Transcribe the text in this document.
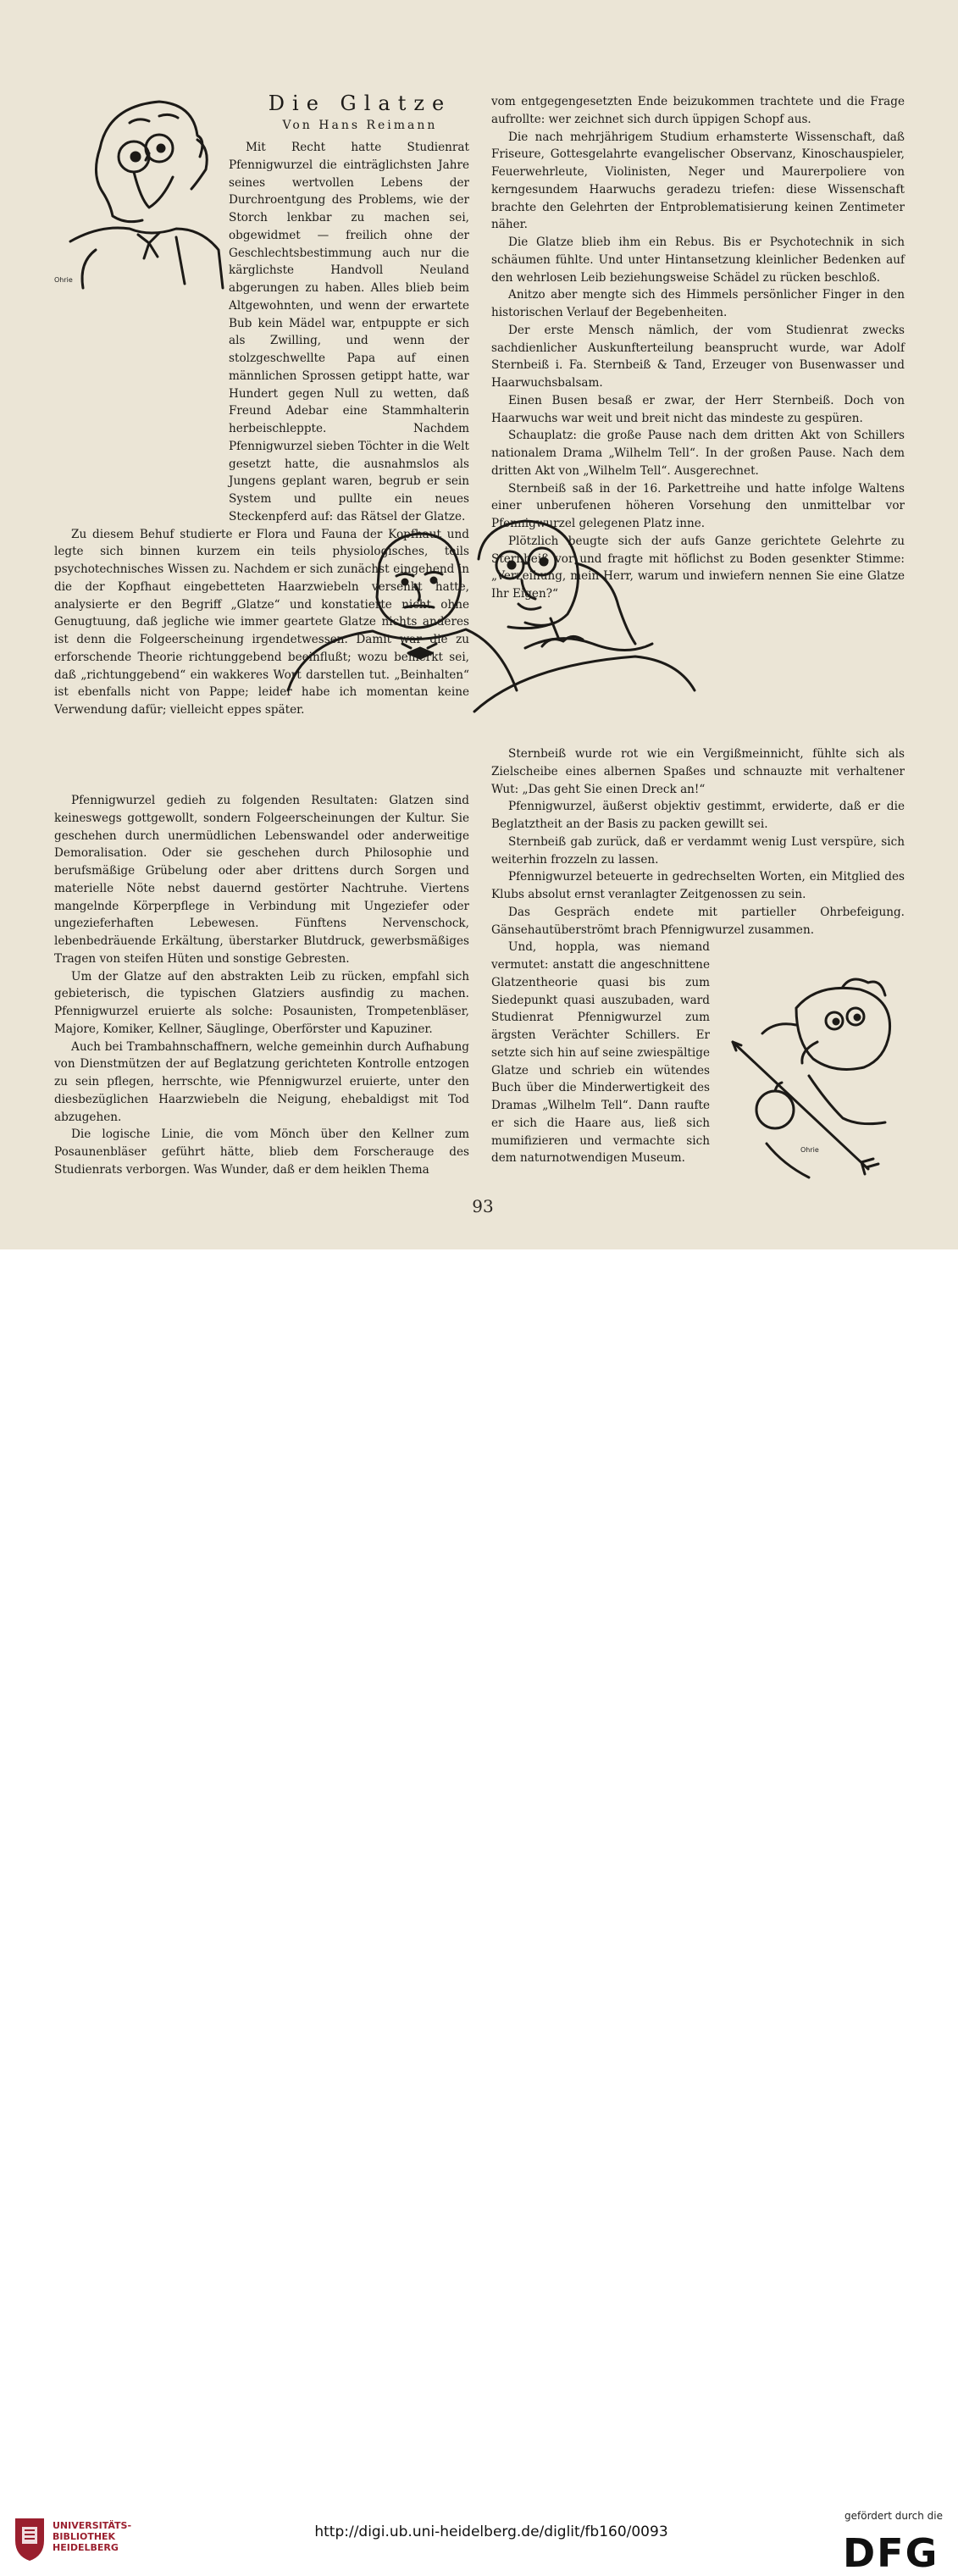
Die Glatze
Von Hans Reimann
Ohrie
Ohrie

Mit Recht hatte Studienrat Pfennigwurzel die einträglichsten Jahre seines wertvollen Lebens der Durchroentgung des Problems, wie der Storch lenkbar zu machen sei, obgewidmet — freilich ohne der Geschlechtsbestimmung auch nur die kärglichste Handvoll Neuland abgerungen zu haben. Alles blieb beim Altgewohnten, und wenn der erwartete Bub kein Mädel war, entpuppte er sich als Zwilling, und wenn der stolzgeschwellte Papa auf einen männlichen Sprossen getippt hatte, war Hundert gegen Null zu wetten, daß Freund Adebar eine Stammhalterin herbeischleppte. Nachdem Pfennigwurzel sieben Töchter in die Welt gesetzt hatte, die ausnahmslos als Jungens geplant waren, begrub er sein System und pullte ein neues Steckenpferd auf: das Rätsel der Glatze.

Zu diesem Behuf studierte er Flora und Fauna der Kopfhaut und legte sich binnen kurzem ein teils physiologisches, teils psychotechnisches Wissen zu. Nachdem er sich zunächst eingehend in die der Kopfhaut eingebetteten Haarzwiebeln versenkt hatte, analysierte er den Begriff „Glatze“ und konstatierte nicht ohne Genugtuung, daß jegliche wie immer geartete Glatze nichts anderes ist denn die Folgeerscheinung irgendetwessen. Damit war die zu erforschende Theorie richtunggebend beeinflußt; wozu bemerkt sei, daß „richtunggebend“ ein wakkeres Wort darstellen tut. „Beinhalten“ ist ebenfalls nicht von Pappe; leider habe ich momentan keine Verwendung dafür; vielleicht eppes später.

Pfennigwurzel gedieh zu folgenden Resultaten: Glatzen sind keineswegs gottgewollt, sondern Folgeerscheinungen der Kultur. Sie geschehen durch unermüdlichen Lebenswandel oder anderweitige Demoralisation. Oder sie geschehen durch Philosophie und berufsmäßige Grübelung oder aber drittens durch Sorgen und materielle Nöte nebst dauernd gestörter Nachtruhe. Viertens mangelnde Körperpflege in Verbindung mit Ungeziefer oder ungezieferhaften Lebewesen. Fünftens Nervenschock, lebenbedräuende Erkältung, überstarker Blutdruck, gewerbsmäßiges Tragen von steifen Hüten und sonstige Gebresten.

Um der Glatze auf den abstrakten Leib zu rücken, empfahl sich gebieterisch, die typischen Glatziers ausfindig zu machen. Pfennigwurzel eruierte als solche: Posaunisten, Trompetenbläser, Majore, Komiker, Kellner, Säuglinge, Oberförster und Kapuziner.

Auch bei Trambahnschaffnern, welche gemeinhin durch Aufhabung von Dienstmützen der auf Beglatzung gerichteten Kontrolle entzogen zu sein pflegen, herrschte, wie Pfennigwurzel eruierte, unter den diesbezüglichen Haarzwiebeln die Neigung, ehebaldigst mit Tod abzugehen.

Die logische Linie, die vom Mönch über den Kellner zum Posaunenbläser geführt hätte, blieb dem Forscherauge des Studienrats verborgen. Was Wunder, daß er dem heiklen Thema

vom entgegengesetzten Ende beizukommen trachtete und die Frage aufrollte: wer zeichnet sich durch üppigen Schopf aus.

Die nach mehrjährigem Studium erhamsterte Wissenschaft, daß Friseure, Gottesgelahrte evangelischer Observanz, Kinoschauspieler, Feuerwehrleute, Violinisten, Neger und Maurerpoliere von kerngesundem Haarwuchs geradezu triefen: diese Wissenschaft brachte den Gelehrten der Entproblematisierung keinen Zentimeter näher.

Die Glatze blieb ihm ein Rebus. Bis er Psychotechnik in sich schäumen fühlte. Und unter Hintansetzung kleinlicher Bedenken auf den wehrlosen Leib beziehungsweise Schädel zu rücken beschloß.

Anitzo aber mengte sich des Himmels persönlicher Finger in den historischen Verlauf der Begebenheiten.

Der erste Mensch nämlich, der vom Studienrat zwecks sachdienlicher Auskunfterteilung beansprucht wurde, war Adolf Sternbeiß i. Fa. Sternbeiß & Tand, Erzeuger von Busenwasser und Haarwuchsbalsam.

Einen Busen besaß er zwar, der Herr Sternbeiß. Doch von Haarwuchs war weit und breit nicht das mindeste zu gespüren.

Schauplatz: die große Pause nach dem dritten Akt von Schillers nationalem Drama „Wilhelm Tell“. In der großen Pause. Nach dem dritten Akt von „Wilhelm Tell“. Ausgerechnet.

Sternbeiß saß in der 16. Parkettreihe und hatte infolge Waltens einer unberufenen höheren Vorsehung den unmittelbar vor Pfennigwurzel gelegenen Platz inne.

Plötzlich beugte sich der aufs Ganze gerichtete Gelehrte zu Sternbeiß vor und fragte mit höflichst zu Boden gesenkter Stimme: „Verzeihung, mein Herr, warum und inwiefern nennen Sie eine Glatze Ihr Eigen?“

Sternbeiß wurde rot wie ein Vergißmeinnicht, fühlte sich als Zielscheibe eines albernen Spaßes und schnauzte mit verhaltener Wut: „Das geht Sie einen Dreck an!“

Pfennigwurzel, äußerst objektiv gestimmt, erwiderte, daß er die Beglatztheit an der Basis zu packen gewillt sei.

Sternbeiß gab zurück, daß er verdammt wenig Lust verspüre, sich weiterhin frozzeln zu lassen.

Pfennigwurzel beteuerte in gedrechselten Worten, ein Mitglied des Klubs absolut ernst veranlagter Zeitgenossen zu sein.

Das Gespräch endete mit partieller Ohrbefeigung. Gänsehautüberströmt brach Pfennigwurzel zusammen.

Und, hoppla, was niemand vermutet: anstatt die angeschnittene Glatzentheorie quasi bis zum Siedepunkt quasi auszubaden, ward Studienrat Pfennigwurzel zum ärgsten Verächter Schillers. Er setzte sich hin auf seine zwiespältige Glatze und schrieb ein wütendes Buch über die Minderwertigkeit des Dramas „Wilhelm Tell“. Dann raufte er sich die Haare aus, ließ sich mumifizieren und vermachte sich dem naturnotwendigen Museum.

93
UNIVERSITÄTS-
BIBLIOTHEK
HEIDELBERG
http://digi.ub.uni-heidelberg.de/diglit/fb160/0093
gefördert durch die
DFG
